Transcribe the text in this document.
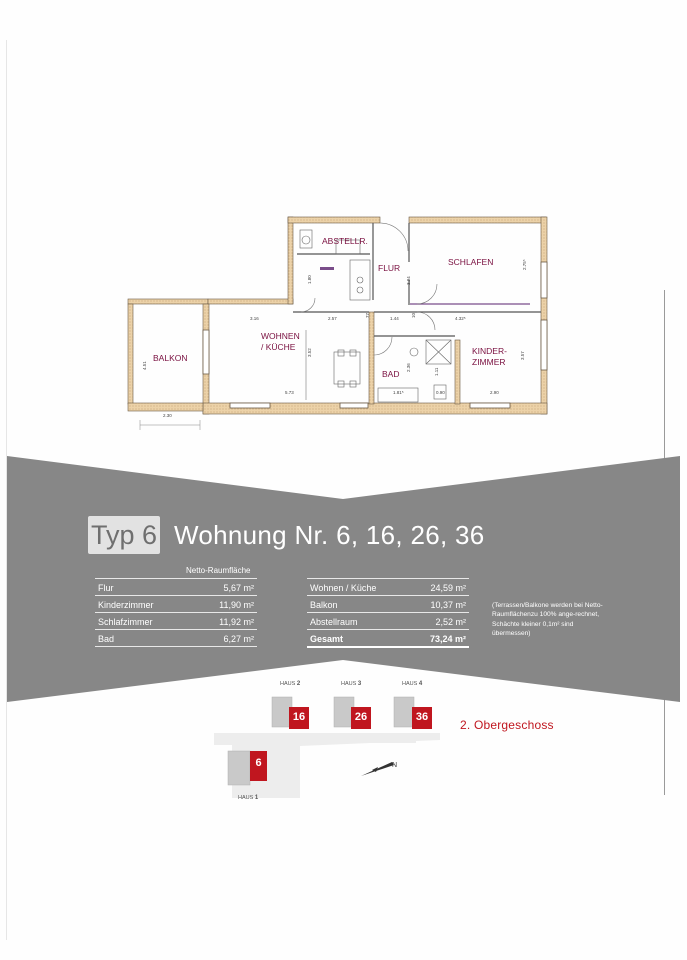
BALKON
WOHNEN
/ KÜCHE
ABSTELLR.
FLUR
SCHLAFEN
KINDER-
ZIMMER
BAD
3.16	2.57	1.44	4.32⁵
5.73	2.90
2.30
4.51
3.52	3.57
2.75⁵
1.80	3.94
2.36
1.81⁵
1.11
0.90
77	10
Typ 6 Wohnung Nr. 6, 16, 26, 36
Netto-Raumfläche
Flur	5,67 m²
Kinderzimmer	11,90 m²
Schlafzimmer	11,92 m²
Bad	6,27 m²
Wohnen / Küche	24,59 m²
Balkon	10,37 m²
Abstellraum	2,52 m²
Gesamt	73,24 m²
(Terrassen/Balkone werden bei Netto-Raumflächenzu 100% ange-rechnet, Schächte kleiner 0,1m² sind übermessen)
N
HAUS 2	HAUS 3	HAUS 4
HAUS 1
16	26	36
6
2. Obergeschoss
